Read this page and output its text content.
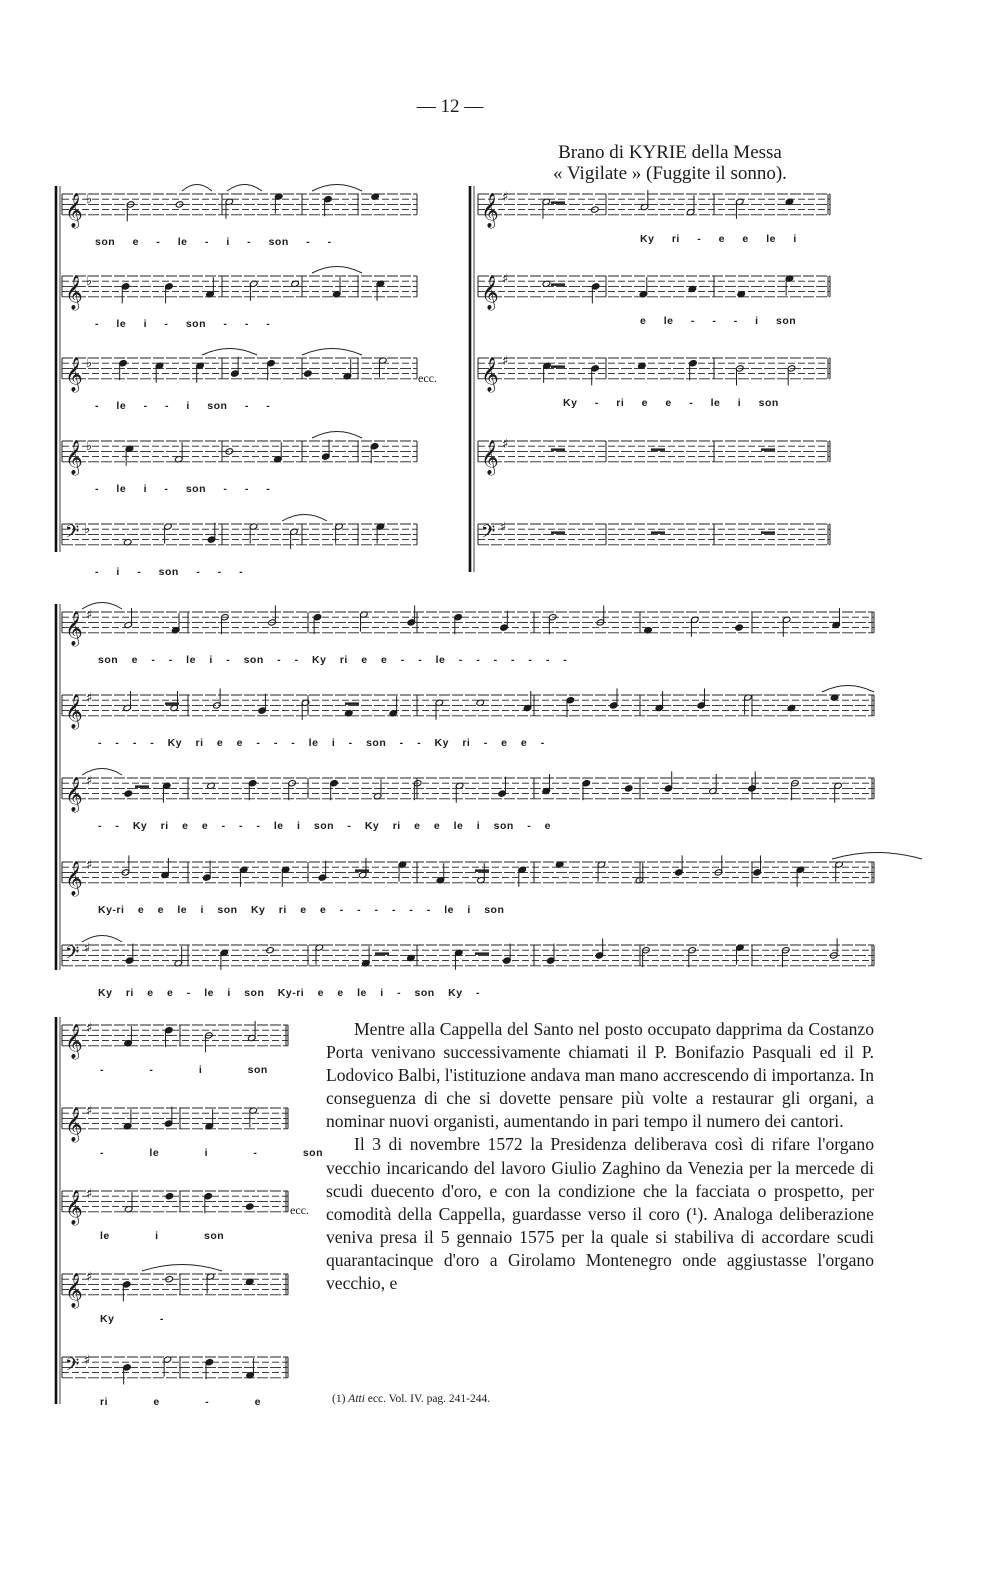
— 12 —
Brano di KYRIE della Messa
« Vigilate » (Fuggite il sonno).
𝄞 ♭
son e - le - i - son - -
𝄞 ♭
- le i - son - - -
𝄞 ♭
- le - - i son - -
𝄞 ♭
- le i - son - - -
𝄢 ♭
- i - son - - -
ecc.
𝄞 ♯
Ky ri - e e le i
𝄞 ♯
e le - - - i son
𝄞 ♯
Ky - ri e e - le i son
𝄞 ♯
𝄢 ♯
𝄞 ♯
son e - - le i - son - - Ky ri e e - - le - - - - - - -
𝄞 ♯
- - - - Ky ri e e - - - le i - son - - Ky ri - e e -
𝄞 ♯
- - Ky ri e e - - - le i son - Ky ri e e le i son - e
𝄞 ♯
Ky-ri e e le i son Ky ri e e - - - - - - le i son
𝄢 ♯
Ky ri e e - le i son Ky-ri e e le i - son Ky -
𝄞 ♯
- - i son
𝄞 ♯
- le i - son
𝄞 ♯
le i son
𝄞 ♯
Ky -
𝄢 ♯
ri e - e
ecc.

Mentre alla Cappella del Santo nel posto occupato dapprima da Costanzo Porta venivano successivamente chiamati il P. Bonifazio Pasquali ed il P. Lodovico Balbi, l'istituzione andava man mano accrescendo di importanza. In conseguenza di che si dovette pensare più volte a restaurar gli organi, a nominar nuovi organisti, aumentando in pari tempo il numero dei cantori.

Il 3 di novembre 1572 la Presidenza deliberava così di rifare l'organo vecchio incaricando del lavoro Giulio Zaghino da Venezia per la mercede di scudi duecento d'oro, e con la condizione che la facciata o prospetto, per comodità della Cappella, guardasse verso il coro (¹). Analoga deliberazione veniva presa il 5 gennaio 1575 per la quale si stabiliva di accordare scudi quarantacinque d'oro a Girolamo Montenegro onde aggiustasse l'organo vecchio, e

(1) Atti ecc. Vol. IV. pag. 241-244.
